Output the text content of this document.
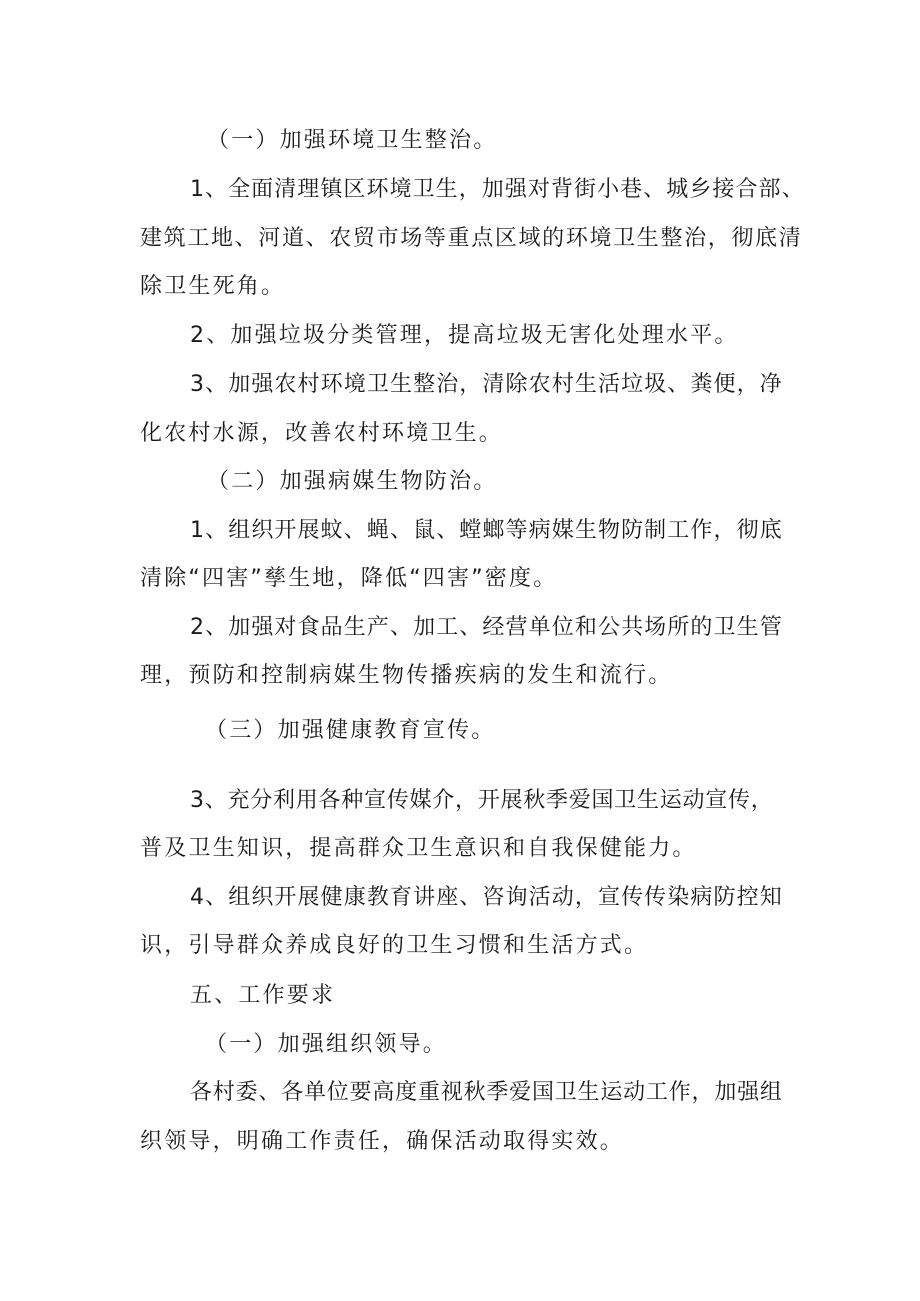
（一）加强环境卫生整治。
1 、 全 面 清 理 镇 区 环 境 卫 生 ， 加 强 对 背 街 小 巷 、 城 乡 接 合 部 、
建 筑 工 地 、 河 道 、 农 贸 市 场 等 重 点 区 域 的 环 境 卫 生 整 治 ， 彻 底 清
除卫生死角。
2、加强垃圾分类管理，提高垃圾无害化处理水平。
3 、 加 强 农 村 环 境 卫 生 整 治 ， 清 除 农 村 生 活 垃 圾 、 粪 便 ， 净
化农村水源，改善农村环境卫生。
（二）加强病媒生物防治。
1 、 组 织 开 展 蚊 、 蝇 、 鼠 、 螳 螂 等 病 媒 生 物 防 制 工 作 ， 彻 底
清除“四害”孳生地，降低“四害”密度。
2 、 加 强 对 食 品 生 产 、 加 工 、 经 营 单 位 和 公 共 场 所 的 卫 生 管
理，预防和控制病媒生物传播疾病的发生和流行。
（三）加强健康教育宣传。
3 、 充 分 利 用 各 种 宣 传 媒 介 ， 开 展 秋 季 爱 国 卫 生 运 动 宣 传 ，
普及卫生知识，提高群众卫生意识和自我保健能力。
4 、 组 织 开 展 健 康 教 育 讲 座 、 咨 询 活 动 ， 宣 传 传 染 病 防 控 知
识，引导群众养成良好的卫生习惯和生活方式。
五、工作要求
（一）加强组织领导。
各 村 委 、 各 单 位 要 高 度 重 视 秋 季 爱 国 卫 生 运 动 工 作 ， 加 强 组
织领导，明确工作责任，确保活动取得实效。
